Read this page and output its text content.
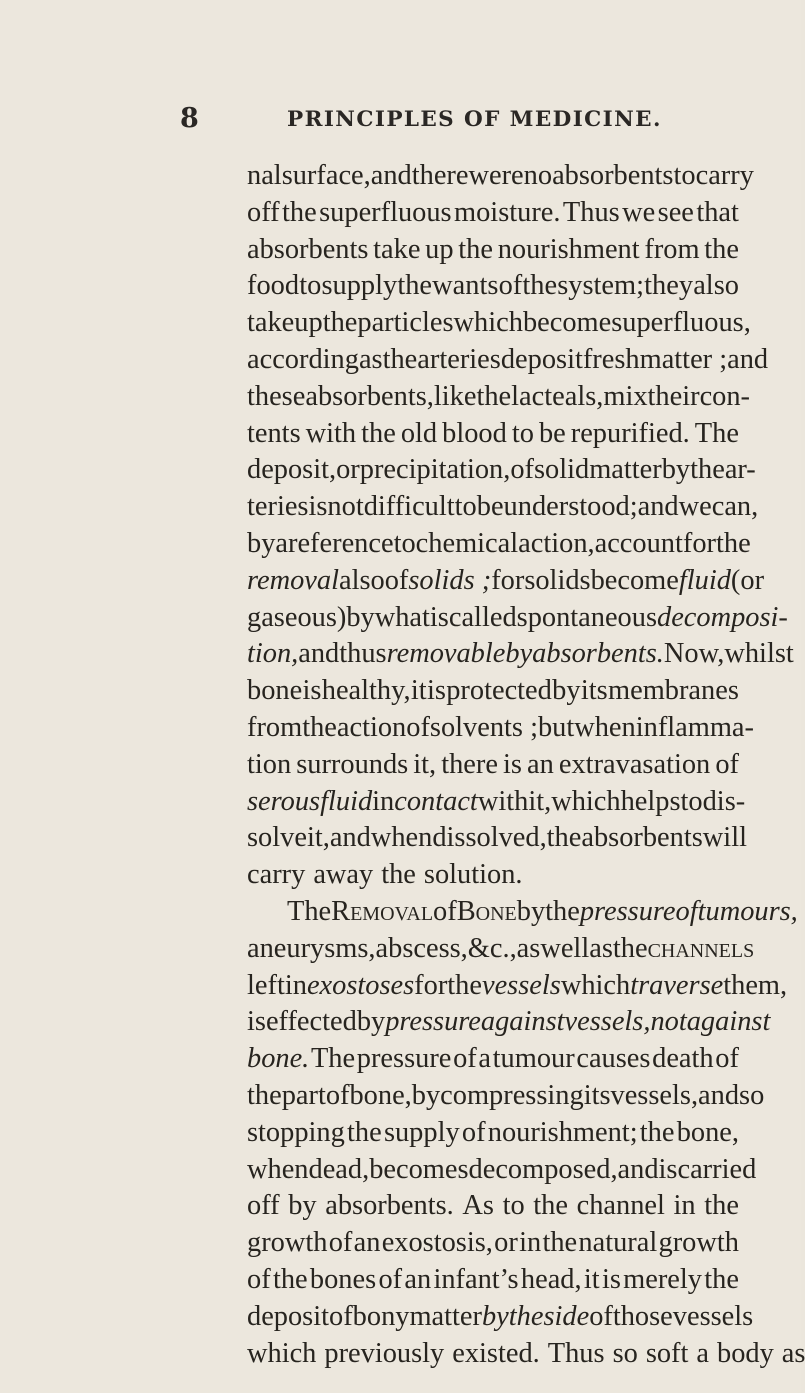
8	PRINCIPLES OF MEDICINE.
nal surface, and there were no absorbents to carry
off the superfluous moisture. Thus we see that
absorbents take up the nourishment from the
food to supply the wants of the system; they also
take up the particles which become superfluous,
according as the arteries deposit fresh matter ; and
these absorbents, like the lacteals, mix their con-
tents with the old blood to be repurified. The
deposit, or precipitation, of solid matter by the ar-
teries is not difficult to be understood; and we can,
by a reference to chemical action, account for the
removal also of solids ; for solids become fluid (or
gaseous) by what is called spontaneous decomposi-
tion, and thus removable by absorbents. Now, whilst
bone is healthy, it is protected by its membranes
from the action of solvents ; but when inflamma-
tion surrounds it, there is an extravasation of
serous fluid in contact with it, which helps to dis-
solve it, and when dissolved, the absorbents will
carry away the solution.
The Removal of Bone by the pressure of tumours,
aneurysms, abscess, &c., as well as the channels
left in exostoses for the vessels which traverse them,
is effected by pressure against vessels, not against
bone. The pressure of a tumour causes death of
the part of bone, by compressing its vessels, and so
stopping the supply of nourishment; the bone,
when dead, becomes decomposed, and is carried
off by absorbents. As to the channel in the
growth of an exostosis, or in the natural growth
of the bones of an infant’s head, it is merely the
deposit of bony matter by the side of those vessels
which previously existed. Thus so soft a body as
